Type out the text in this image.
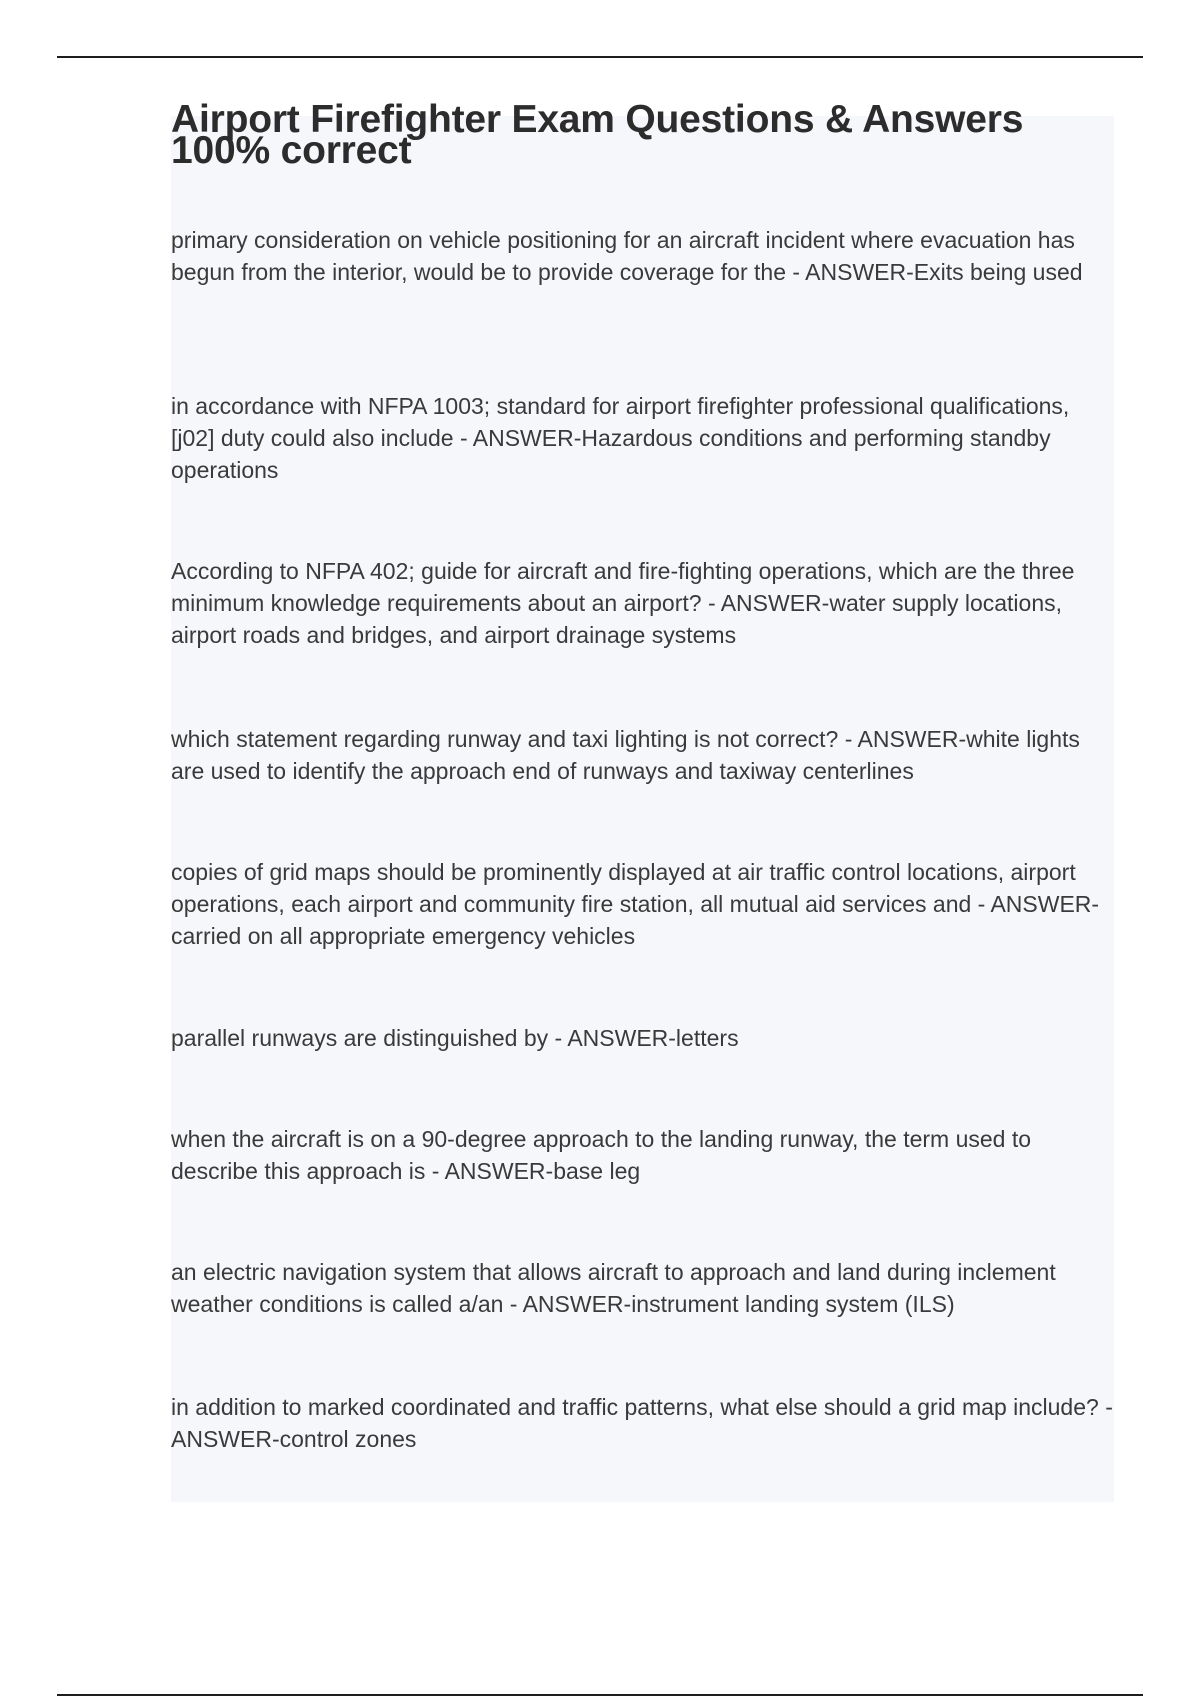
Airport Firefighter Exam Questions & Answers 100% correct
primary consideration on vehicle positioning for an aircraft incident where evacuation has begun from the interior, would be to provide coverage for the - ANSWER-Exits being used
in accordance with NFPA 1003; standard for airport firefighter professional qualifications, [j02] duty could also include - ANSWER-Hazardous conditions and performing standby operations
According to NFPA 402; guide for aircraft and fire-fighting operations, which are the three minimum knowledge requirements about an airport? - ANSWER-water supply locations, airport roads and bridges, and airport drainage systems
which statement regarding runway and taxi lighting is not correct? - ANSWER-white lights are used to identify the approach end of runways and taxiway centerlines
copies of grid maps should be prominently displayed at air traffic control locations, airport operations, each airport and community fire station, all mutual aid services and - ANSWER-carried on all appropriate emergency vehicles
parallel runways are distinguished by - ANSWER-letters
when the aircraft is on a 90-degree approach to the landing runway, the term used to describe this approach is - ANSWER-base leg
an electric navigation system that allows aircraft to approach and land during inclement weather conditions is called a/an - ANSWER-instrument landing system (ILS)
in addition to marked coordinated and traffic patterns, what else should a grid map include? - ANSWER-control zones
